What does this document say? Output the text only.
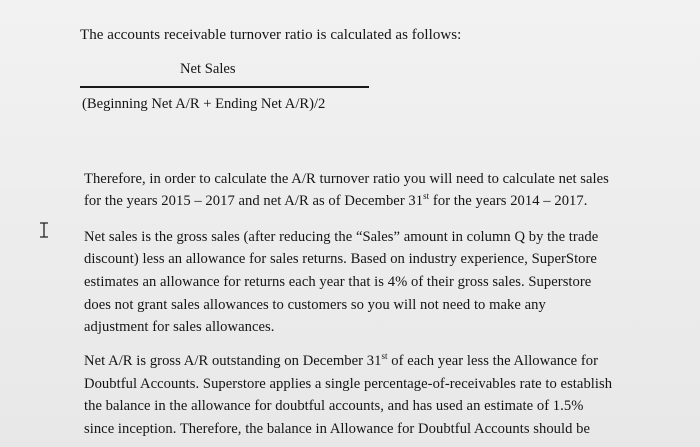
The accounts receivable turnover ratio is calculated as follows:
Net Sales
(Beginning Net A/R + Ending Net A/R)/2
Therefore, in order to calculate the A/R turnover ratio you will need to calculate net sales
for the years 2015 – 2017 and net A/R as of December 31st for the years 2014 – 2017.
Net sales is the gross sales (after reducing the “Sales” amount in column Q by the trade
discount) less an allowance for sales returns. Based on industry experience, SuperStore
estimates an allowance for returns each year that is 4% of their gross sales. Superstore
does not grant sales allowances to customers so you will not need to make any
adjustment for sales allowances.
Net A/R is gross A/R outstanding on December 31st of each year less the Allowance for
Doubtful Accounts. Superstore applies a single percentage-of-receivables rate to establish
the balance in the allowance for doubtful accounts, and has used an estimate of 1.5%
since inception. Therefore, the balance in Allowance for Doubtful Accounts should be
